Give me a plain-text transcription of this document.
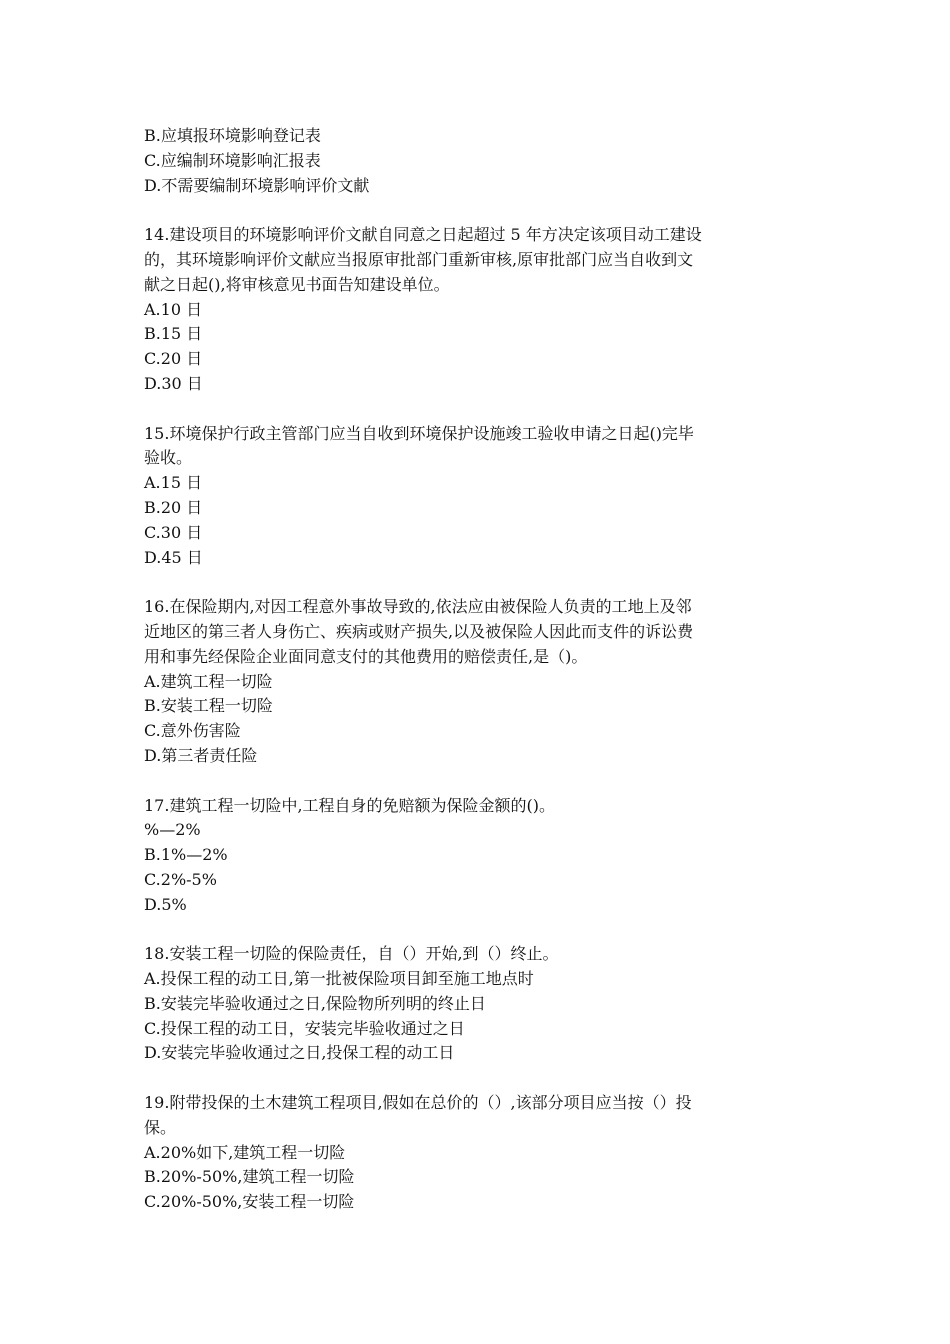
B.应填报环境影响登记表
C.应编制环境影响汇报表
D.不需要编制环境影响评价文献
14.建设项目的环境影响评价文献自同意之日起超过 5 年方决定该项目动工建设
的，其环境影响评价文献应当报原审批部门重新审核,原审批部门应当自收到文
献之日起(),将审核意见书面告知建设单位。
A.10 日
B.15 日
C.20 日
D.30 日
15.环境保护行政主管部门应当自收到环境保护设施竣工验收申请之日起()完毕
验收。
A.15 日
B.20 日
C.30 日
D.45 日
16.在保险期内,对因工程意外事故导致的,依法应由被保险人负责的工地上及邻
近地区的第三者人身伤亡、疾病或财产损失,以及被保险人因此而支件的诉讼费
用和事先经保险企业面同意支付的其他费用的赔偿责任,是（)。
A.建筑工程一切险
B.安装工程一切险
C.意外伤害险
D.第三者责任险
17.建筑工程一切险中,工程自身的免赔额为保险金额的()。
%—2%
B.1%—2%
C.2%-5%
D.5%
18.安装工程一切险的保险责任，自（）开始,到（）终止。
A.投保工程的动工日,第一批被保险项目卸至施工地点时
B.安装完毕验收通过之日,保险物所列明的终止日
C.投保工程的动工日，安装完毕验收通过之日
D.安装完毕验收通过之日,投保工程的动工日
19.附带投保的土木建筑工程项目,假如在总价的（）,该部分项目应当按（）投
保。
A.20%如下,建筑工程一切险
B.20%-50%,建筑工程一切险
C.20%-50%,安装工程一切险
